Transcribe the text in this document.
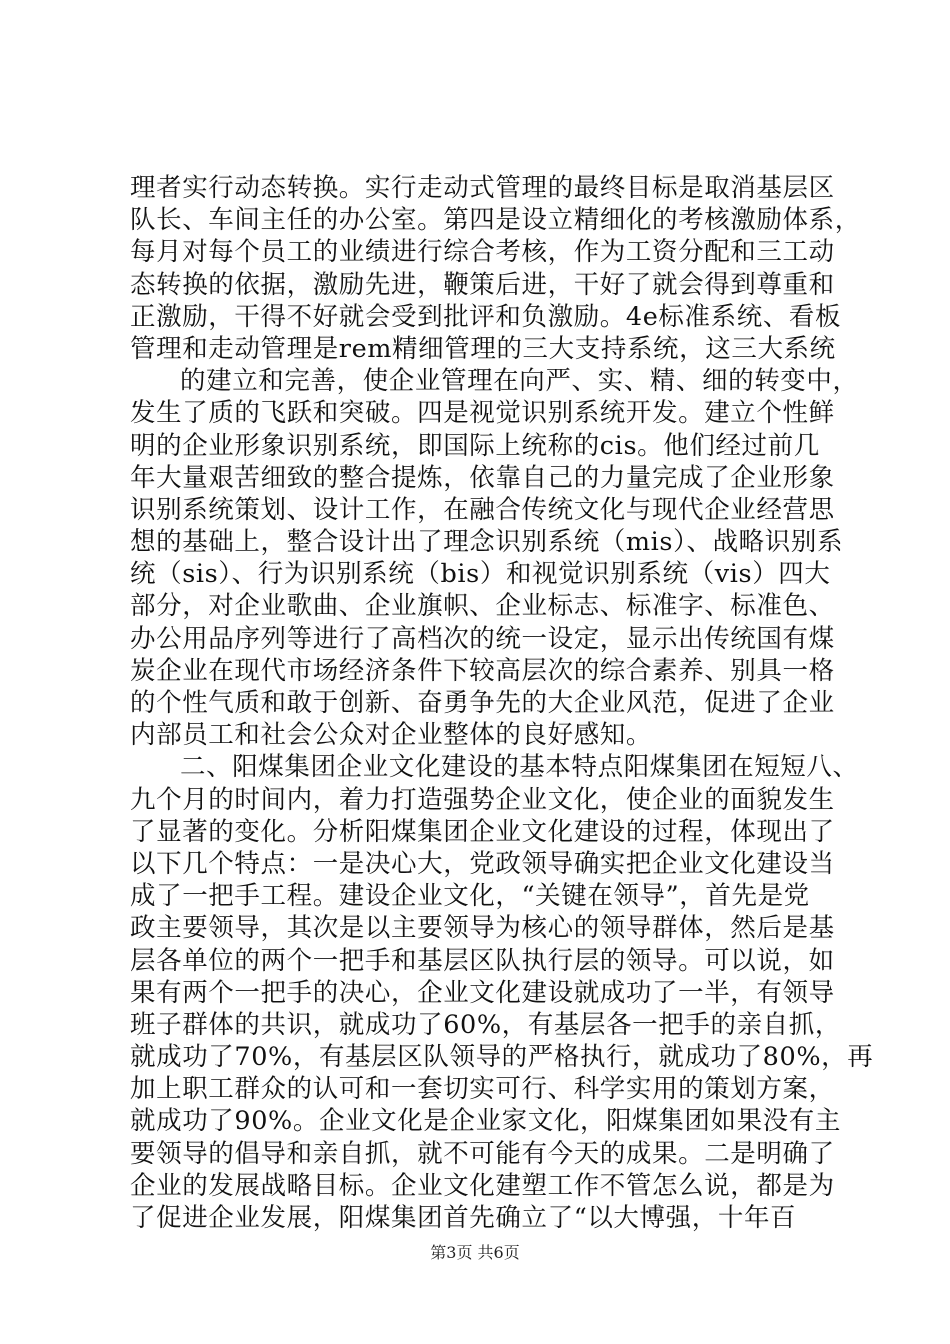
理者实行动态转换。实行走动式管理的最终目标是取消基层区
队长、车间主任的办公室。第四是设立精细化的考核激励体系，
每月对每个员工的业绩进行综合考核，作为工资分配和三工动
态转换的依据，激励先进，鞭策后进，干好了就会得到尊重和
正激励，干得不好就会受到批评和负激励。4e标准系统、看板
管理和走动管理是rem精细管理的三大支持系统，这三大系统
的建立和完善，使企业管理在向严、实、精、细的转变中，
发生了质的飞跃和突破。四是视觉识别系统开发。建立个性鲜
明的企业形象识别系统，即国际上统称的cis。他们经过前几
年大量艰苦细致的整合提炼，依靠自己的力量完成了企业形象
识别系统策划、设计工作，在融合传统文化与现代企业经营思
想的基础上，整合设计出了理念识别系统（mis）、战略识别系
统（sis）、行为识别系统（bis）和视觉识别系统（vis）四大
部分，对企业歌曲、企业旗帜、企业标志、标准字、标准色、
办公用品序列等进行了高档次的统一设定，显示出传统国有煤
炭企业在现代市场经济条件下较高层次的综合素养、别具一格
的个性气质和敢于创新、奋勇争先的大企业风范，促进了企业
内部员工和社会公众对企业整体的良好感知。
二、阳煤集团企业文化建设的基本特点阳煤集团在短短八、
九个月的时间内，着力打造强势企业文化，使企业的面貌发生
了显著的变化。分析阳煤集团企业文化建设的过程，体现出了
以下几个特点：一是决心大，党政领导确实把企业文化建设当
成了一把手工程。建设企业文化，“关键在领导”，首先是党
政主要领导，其次是以主要领导为核心的领导群体，然后是基
层各单位的两个一把手和基层区队执行层的领导。可以说，如
果有两个一把手的决心，企业文化建设就成功了一半，有领导
班子群体的共识，就成功了60%，有基层各一把手的亲自抓，
就成功了70%，有基层区队领导的严格执行，就成功了80%，再
加上职工群众的认可和一套切实可行、科学实用的策划方案，
就成功了90%。企业文化是企业家文化，阳煤集团如果没有主
要领导的倡导和亲自抓，就不可能有今天的成果。二是明确了
企业的发展战略目标。企业文化建塑工作不管怎么说，都是为
了促进企业发展，阳煤集团首先确立了“以大博强，十年百
第3页 共6页
